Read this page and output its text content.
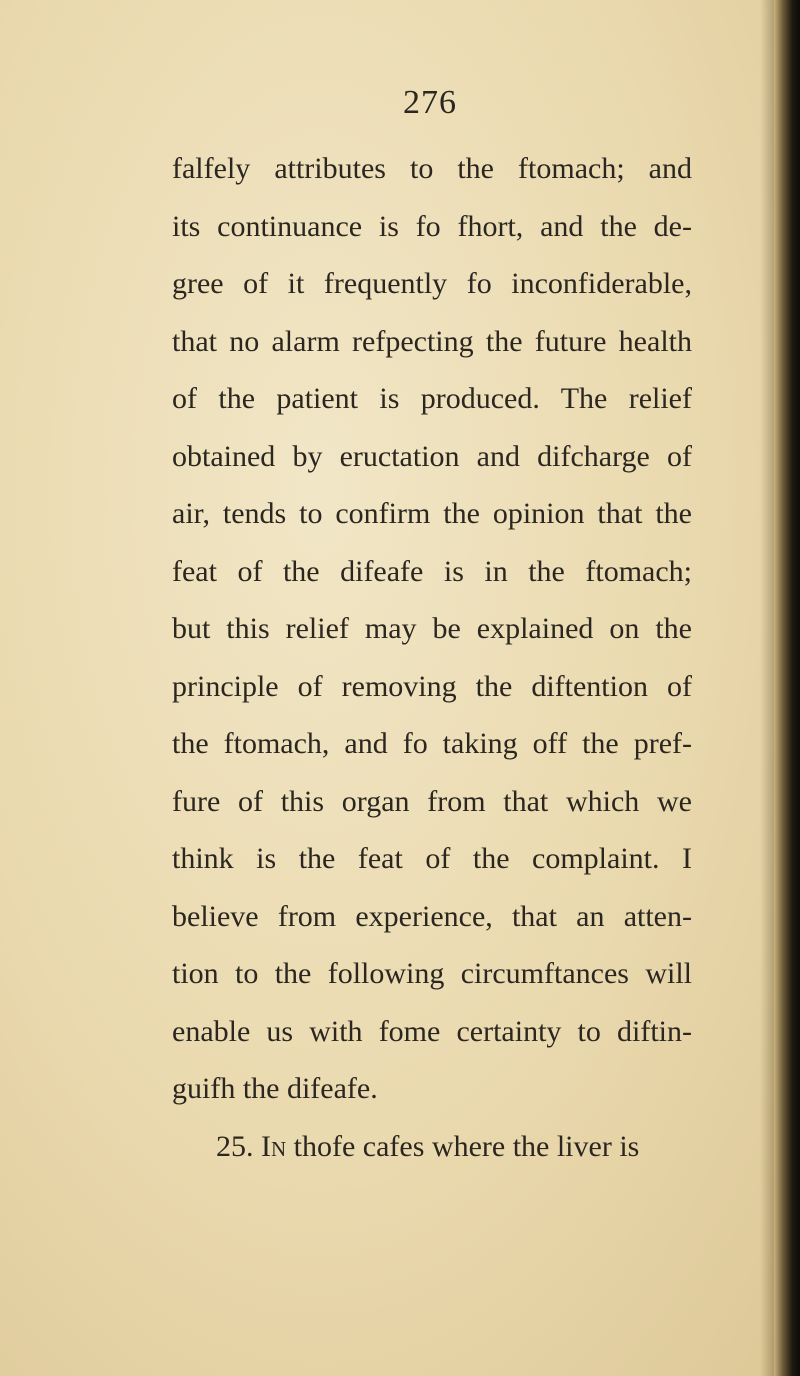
276
falfely attributes to the ftomach; and
its continuance is fo fhort, and the de-
gree of it frequently fo inconfiderable,
that no alarm refpecting the future health
of the patient is produced. The relief
obtained by eructation and difcharge of
air, tends to confirm the opinion that the
feat of the difeafe is in the ftomach;
but this relief may be explained on the
principle of removing the diftention of
the ftomach, and fo taking off the pref-
fure of this organ from that which we
think is the feat of the complaint. I
believe from experience, that an atten-
tion to the following circumftances will
enable us with fome certainty to diftin-
guifh the difeafe.
25. In thofe cafes where the liver is
